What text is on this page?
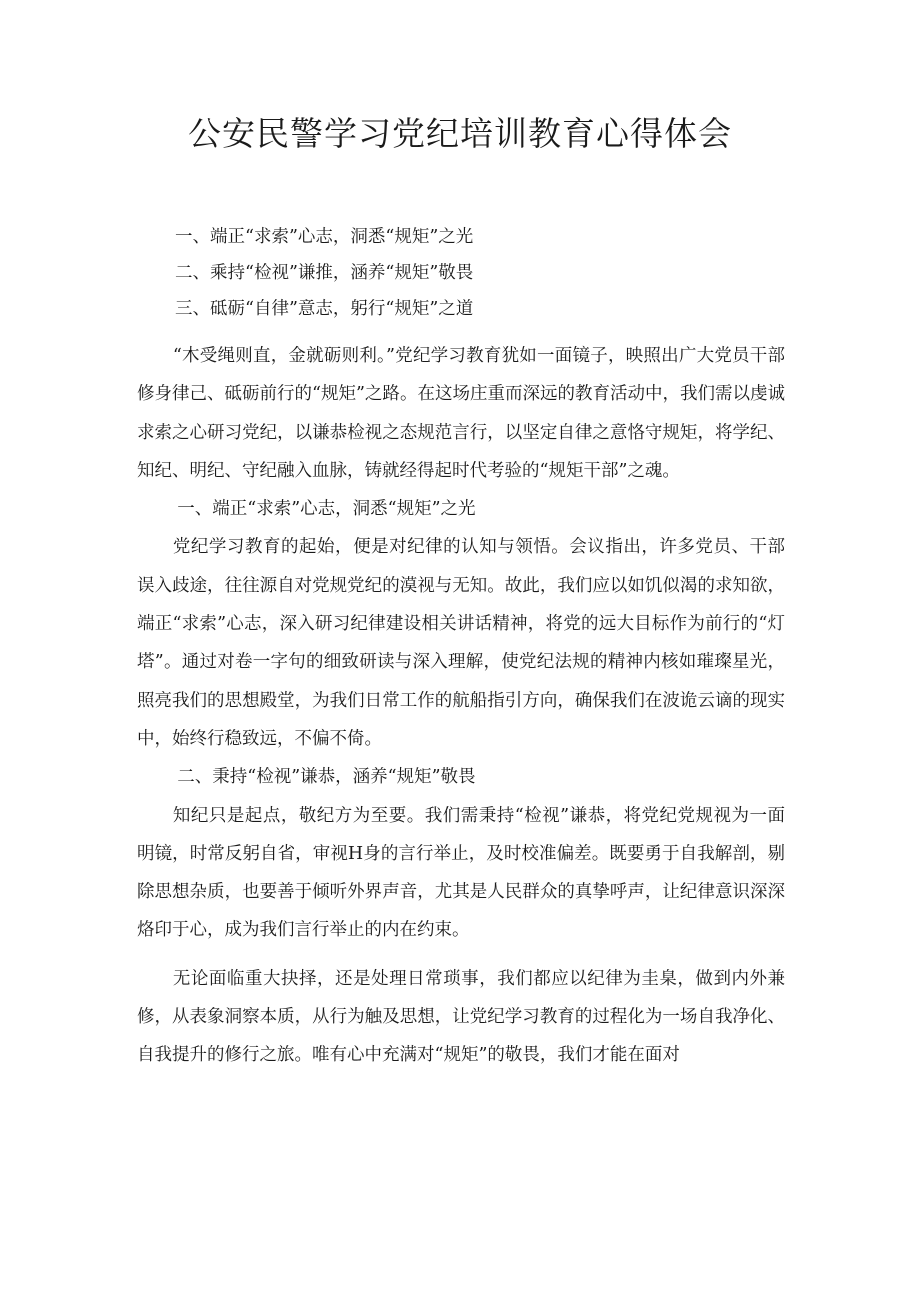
公安民警学习党纪培训教育心得体会
一、端正“求索”心志，洞悉“规矩”之光
二、乘持“检视”谦推，涵养“规矩”敬畏
三、砥砺“自律”意志，躬行“规矩”之道

“木受绳则直，金就砺则利。”党纪学习教育犹如一面镜子，映照出广大党员干部修身律己、砥砺前行的“规矩”之路。在这场庄重而深远的教育活动中，我们需以虔诚求索之心研习党纪，以谦恭检视之态规范言行，以坚定自律之意恪守规矩，将学纪、知纪、明纪、守纪融入血脉，铸就经得起时代考验的“规矩干部”之魂。

一、端正“求索”心志，洞悉“规矩”之光

党纪学习教育的起始，便是对纪律的认知与领悟。会议指出，许多党员、干部误入歧途，往往源自对党规党纪的漠视与无知。故此，我们应以如饥似渴的求知欲，端正“求索”心志，深入研习纪律建设相关讲话精神，将党的远大目标作为前行的“灯塔”。通过对卷一字句的细致研读与深入理解，使党纪法规的精神内核如璀璨星光，照亮我们的思想殿堂，为我们日常工作的航船指引方向，确保我们在波诡云谪的现实中，始终行稳致远，不偏不倚。

二、秉持“检视”谦恭，涵养“规矩”敬畏

知纪只是起点，敬纪方为至要。我们需秉持“检视”谦恭，将党纪党规视为一面明镜，时常反躬自省，审视H身的言行举止，及时校准偏差。既要勇于自我解剖，剔除思想杂质，也要善于倾听外界声音，尤其是人民群众的真挚呼声，让纪律意识深深烙印于心，成为我们言行举止的内在约束。

无论面临重大抉择，还是处理日常琐事，我们都应以纪律为圭臬，做到内外兼修，从表象洞察本质，从行为触及思想，让党纪学习教育的过程化为一场自我净化、自我提升的修行之旅。唯有心中充满对“规矩”的敬畏，我们才能在面对
